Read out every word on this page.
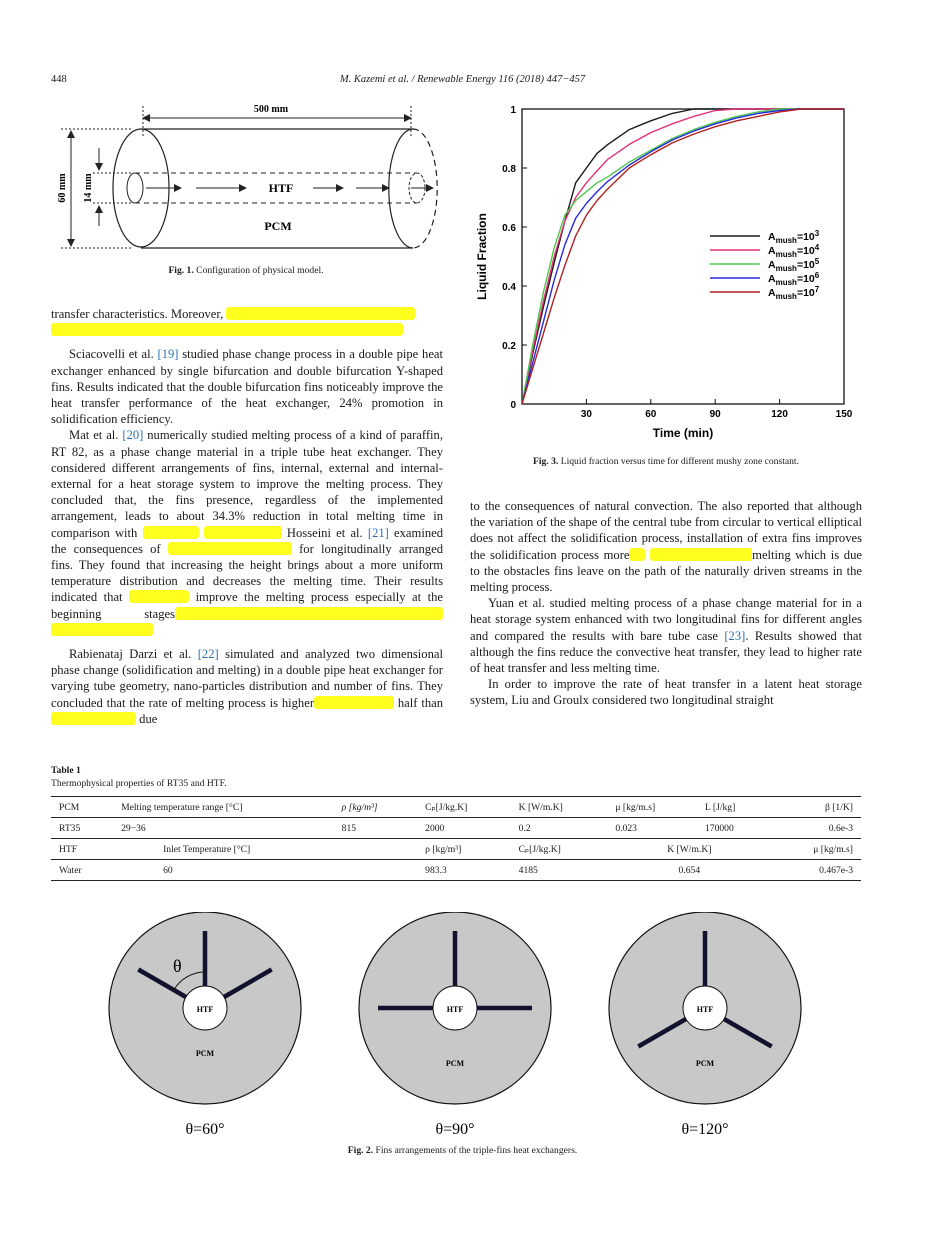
448	M. Kazemi et al. / Renewable Energy 116 (2018) 447−457
500 mm
HTF
PCM
60 mm 14 mm
Fig. 1. Configuration of physical model.
0
0.2
0.4
0.6
0.8
1
30	60	90	120	150
Time (min)
Liquid Fraction	$A_{mush}=10^3$
$A_{mush}=10^4$
$A_{mush}=10^5$
$A_{mush}=10^6$
$A_{mush}=10^7$
Fig. 3. Liquid fraction versus time for different mushy zone constant.

transfer characteristics. Moreover,

Sciacovelli et al. [19] studied phase change process in a double pipe heat exchanger enhanced by single bifurcation and double bifurcation Y-shaped fins. Results indicated that the double bifurcation fins noticeably improve the heat transfer performance of the heat exchanger, 24% promotion in solidification efficiency.

Mat et al. [20] numerically studied melting process of a kind of paraffin, RT 82, as a phase change material in a triple tube heat exchanger. They considered different arrangements of fins, internal, external and internal-external for a heat storage system to improve the melting process. They concluded that, the fins presence, regardless of the implemented arrangement, leads to about 34.3% reduction in total melting time in comparison with	Hosseini et al. [21] examined the consequences of	for longitudinally arranged fins. They found that increasing the height brings about a more uniform temperature distribution and decreases the melting time. Their results indicated that	improve the melting process especially at the beginning stages

Rabienataj Darzi et al. [22] simulated and analyzed two dimensional phase change (solidification and melting) in a double pipe heat exchanger for varying tube geometry, nano-particles distribution and number of fins. They concluded that the rate of melting process is higher	half than  due

to the consequences of natural convection. The also reported that although the variation of the shape of the central tube from circular to vertical elliptical does not affect the solidification process, installation of extra fins improves the solidification process more	melting which is due to the obstacles fins leave on the path of the naturally driven streams in the melting process.

Yuan et al. studied melting process of a phase change material for in a heat storage system enhanced with two longitudinal fins for different angles and compared the results with bare tube case [23]. Results showed that although the fins reduce the convective heat transfer, they lead to higher rate of heat transfer and less melting time.

In order to improve the rate of heat transfer in a latent heat storage system, Liu and Groulx considered two longitudinal straight

Table 1
Thermophysical properties of RT35 and HTF.
PCM	Melting temperature range [°C]	ρ [kg/m³]	Cₚ[J/kg.K]	K [W/m.K]	μ [kg/m.s]	L [J/kg]	β [1/K]
RT35	29−36	815	2000	0.2	0.023	170000	0.6e-3
HTF	Inlet Temperature [°C]		ρ [kg/m³]	Cₚ[J/kg.K]	K [W/m.K]		μ [kg/m.s]
Water	60		983.3	4185	0.654		0.467e-3
HTF
PCM
θ
θ=60°
HTF
PCM
θ=90°
HTF
PCM
θ=120°
Fig. 2. Fins arrangements of the triple-fins heat exchangers.
